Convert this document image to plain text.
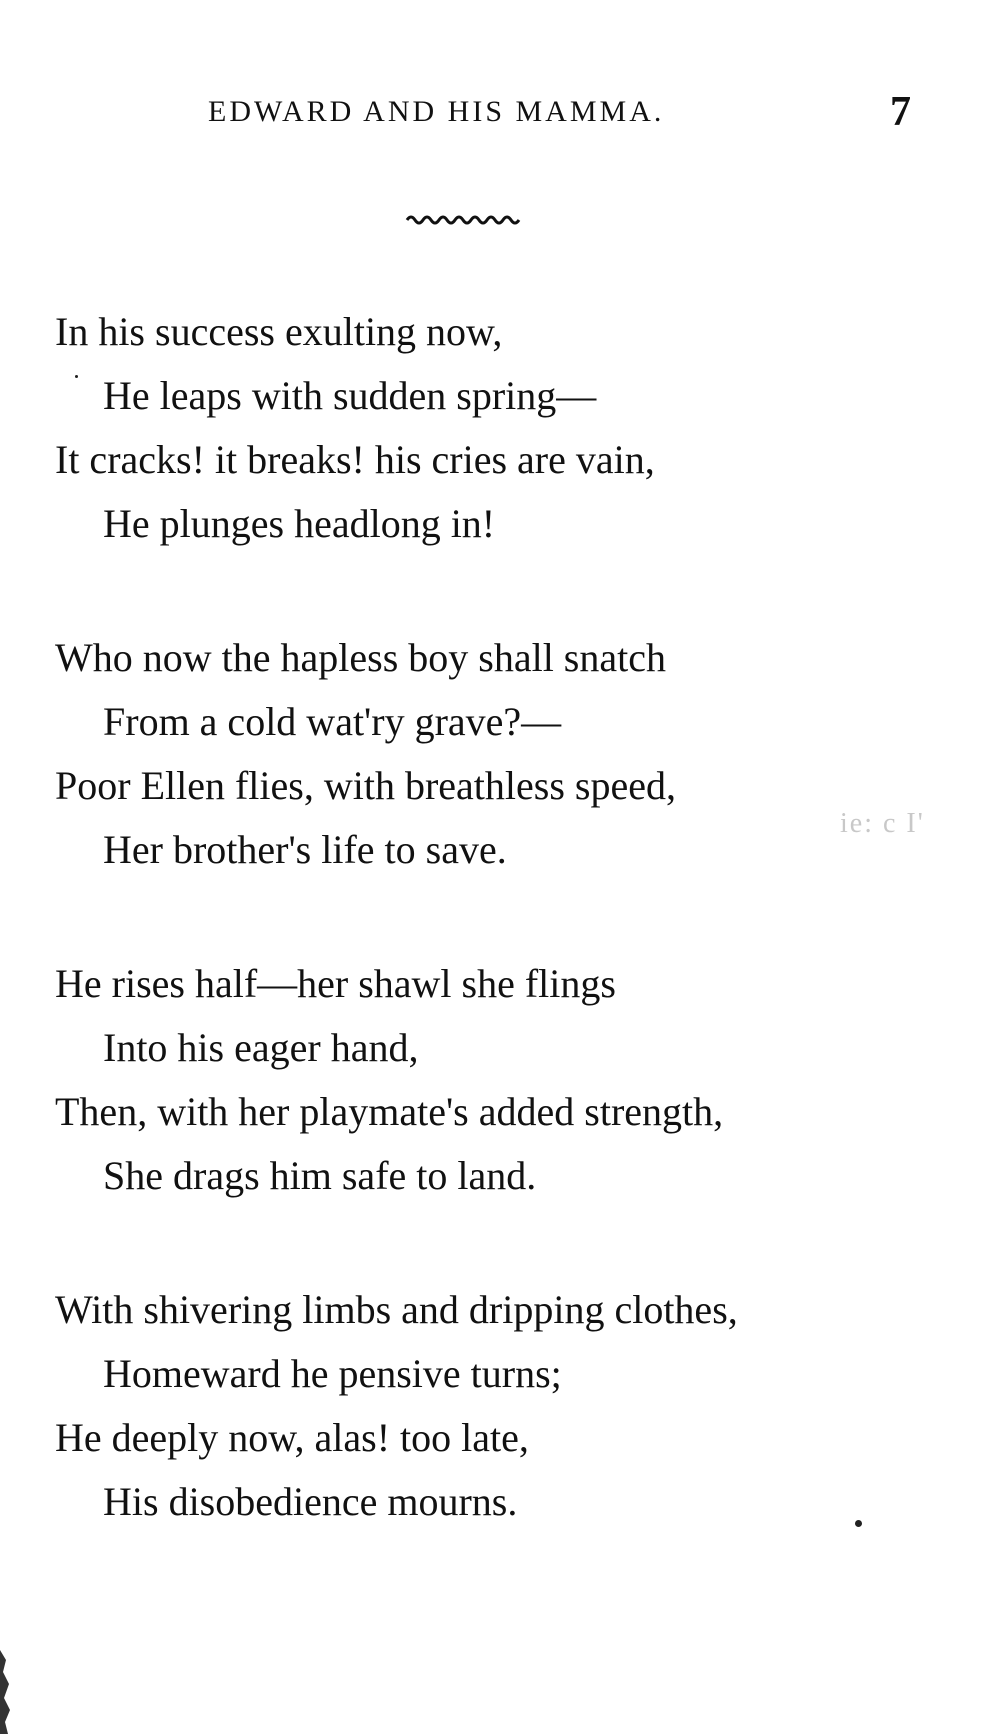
EDWARD AND HIS MAMMA.	7
In his success exulting now,
He leaps with sudden spring—
It cracks! it breaks! his cries are vain,
He plunges headlong in!
Who now the hapless boy shall snatch
From a cold wat'ry grave?—
Poor Ellen flies, with breathless speed,
Her brother's life to save.
He rises half—her shawl she flings
Into his eager hand,
Then, with her playmate's added strength,
She drags him safe to land.
With shivering limbs and dripping clothes,
Homeward he pensive turns;
He deeply now, alas! too late,
His disobedience mourns.
ie: c I'
